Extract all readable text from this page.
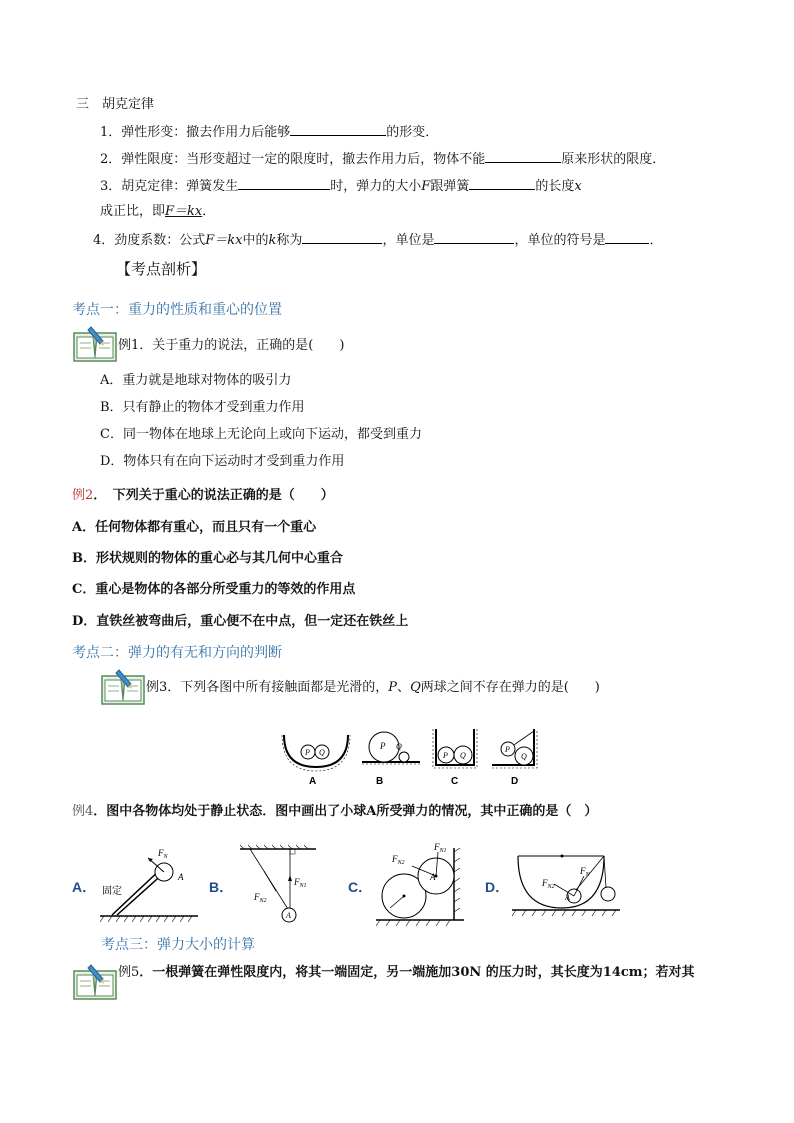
三　胡克定律
1．弹性形变：撤去作用力后能够	的形变．
2．弹性限度：当形变超过一定的限度时，撤去作用力后，物体不能	原来形状的限度．
3．胡克定律：弹簧发生	时，弹力的大小F跟弹簧	的长度x
成正比，即F＝kx．
4．劲度系数：公式F＝kx中的k称为	，单位是	，单位的符号是	．
【考点剖析】
考点一：重力的性质和重心的位置
例1．关于重力的说法，正确的是(　　)
A．重力就是地球对物体的吸引力
B．只有静止的物体才受到重力作用
C．同一物体在地球上无论向上或向下运动，都受到重力
D．物体只有在向下运动时才受到重力作用
例2．　下列关于重心的说法正确的是（　　）
A．任何物体都有重心，而且只有一个重心
B．形状规则的物体的重心必与其几何中心重合
C．重心是物体的各部分所受重力的等效的作用点
D．直铁丝被弯曲后，重心便不在中点，但一定还在铁丝上
考点二：弹力的有无和方向的判断
例3．下列各图中所有接触面都是光滑的，P、Q两球之间不存在弹力的是(　　)
P Q
P Q
P Q
P
Q
A	B	C	D
例4．图中各物体均处于静止状态．图中画出了小球A所受弹力的情况，其中正确的是（　）
A．	B．	C．	D．
$F_N$
A
固定
A
$F_{N1}$
$F_{N2}$
A
$F_{N1}$
$F_{N2}$
A
$F_N$
$F_{N2}$
考点三：弹力大小的计算
例5．一根弹簧在弹性限度内，将其一端固定，另一端施加30N 的压力时，其长度为14cm；若对其
